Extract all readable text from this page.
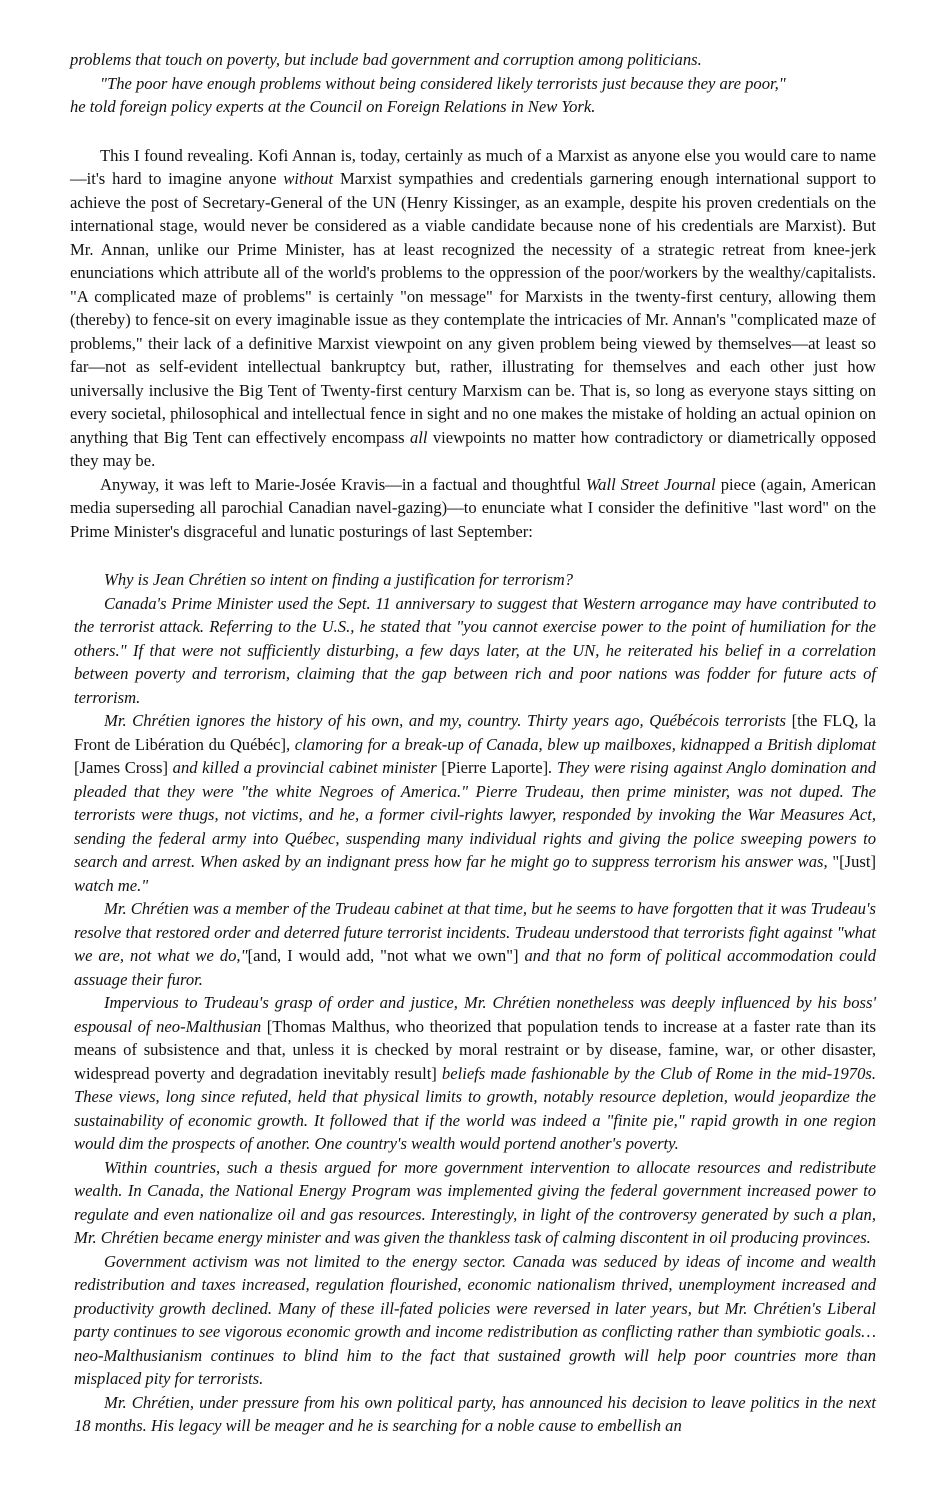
problems that touch on poverty, but include bad government and corruption among politicians.

"The poor have enough problems without being considered likely terrorists just because they are poor,"

he told foreign policy experts at the Council on Foreign Relations in New York.

This I found revealing. Kofi Annan is, today, certainly as much of a Marxist as anyone else you would care to name—it's hard to imagine anyone without Marxist sympathies and credentials garnering enough international support to achieve the post of Secretary-General of the UN (Henry Kissinger, as an example, despite his proven credentials on the international stage, would never be considered as a viable candidate because none of his credentials are Marxist). But Mr. Annan, unlike our Prime Minister, has at least recognized the necessity of a strategic retreat from knee-jerk enunciations which attribute all of the world's problems to the oppression of the poor/workers by the wealthy/capitalists. "A complicated maze of problems" is certainly "on message" for Marxists in the twenty-first century, allowing them (thereby) to fence-sit on every imaginable issue as they contemplate the intricacies of Mr. Annan's "complicated maze of problems," their lack of a definitive Marxist viewpoint on any given problem being viewed by themselves—at least so far—not as self-evident intellectual bankruptcy but, rather, illustrating for themselves and each other just how universally inclusive the Big Tent of Twenty-first century Marxism can be. That is, so long as everyone stays sitting on every societal, philosophical and intellectual fence in sight and no one makes the mistake of holding an actual opinion on anything that Big Tent can effectively encompass all viewpoints no matter how contradictory or diametrically opposed they may be.

Anyway, it was left to Marie-Josée Kravis—in a factual and thoughtful Wall Street Journal piece (again, American media superseding all parochial Canadian navel-gazing)—to enunciate what I consider the definitive "last word" on the Prime Minister's disgraceful and lunatic posturings of last September:

Why is Jean Chrétien so intent on finding a justification for terrorism?

Canada's Prime Minister used the Sept. 11 anniversary to suggest that Western arrogance may have contributed to the terrorist attack. Referring to the U.S., he stated that "you cannot exercise power to the point of humiliation for the others." If that were not sufficiently disturbing, a few days later, at the UN, he reiterated his belief in a correlation between poverty and terrorism, claiming that the gap between rich and poor nations was fodder for future acts of terrorism.

Mr. Chrétien ignores the history of his own, and my, country. Thirty years ago, Québécois terrorists [the FLQ, la Front de Libération du Québéc], clamoring for a break-up of Canada, blew up mailboxes, kidnapped a British diplomat [James Cross] and killed a provincial cabinet minister [Pierre Laporte]. They were rising against Anglo domination and pleaded that they were "the white Negroes of America." Pierre Trudeau, then prime minister, was not duped. The terrorists were thugs, not victims, and he, a former civil-rights lawyer, responded by invoking the War Measures Act, sending the federal army into Québec, suspending many individual rights and giving the police sweeping powers to search and arrest. When asked by an indignant press how far he might go to suppress terrorism his answer was, "[Just] watch me."

Mr. Chrétien was a member of the Trudeau cabinet at that time, but he seems to have forgotten that it was Trudeau's resolve that restored order and deterred future terrorist incidents. Trudeau understood that terrorists fight against "what we are, not what we do,"[and, I would add, "not what we own"] and that no form of political accommodation could assuage their furor.

Impervious to Trudeau's grasp of order and justice, Mr. Chrétien nonetheless was deeply influenced by his boss' espousal of neo-Malthusian [Thomas Malthus, who theorized that population tends to increase at a faster rate than its means of subsistence and that, unless it is checked by moral restraint or by disease, famine, war, or other disaster, widespread poverty and degradation inevitably result] beliefs made fashionable by the Club of Rome in the mid-1970s. These views, long since refuted, held that physical limits to growth, notably resource depletion, would jeopardize the sustainability of economic growth. It followed that if the world was indeed a "finite pie," rapid growth in one region would dim the prospects of another. One country's wealth would portend another's poverty.

Within countries, such a thesis argued for more government intervention to allocate resources and redistribute wealth. In Canada, the National Energy Program was implemented giving the federal government increased power to regulate and even nationalize oil and gas resources. Interestingly, in light of the controversy generated by such a plan, Mr. Chrétien became energy minister and was given the thankless task of calming discontent in oil producing provinces.

Government activism was not limited to the energy sector. Canada was seduced by ideas of income and wealth redistribution and taxes increased, regulation flourished, economic nationalism thrived, unemployment increased and productivity growth declined. Many of these ill-fated policies were reversed in later years, but Mr. Chrétien's Liberal party continues to see vigorous economic growth and income redistribution as conflicting rather than symbiotic goals…neo-Malthusianism continues to blind him to the fact that sustained growth will help poor countries more than misplaced pity for terrorists.

Mr. Chrétien, under pressure from his own political party, has announced his decision to leave politics in the next 18 months. His legacy will be meager and he is searching for a noble cause to embellish an
